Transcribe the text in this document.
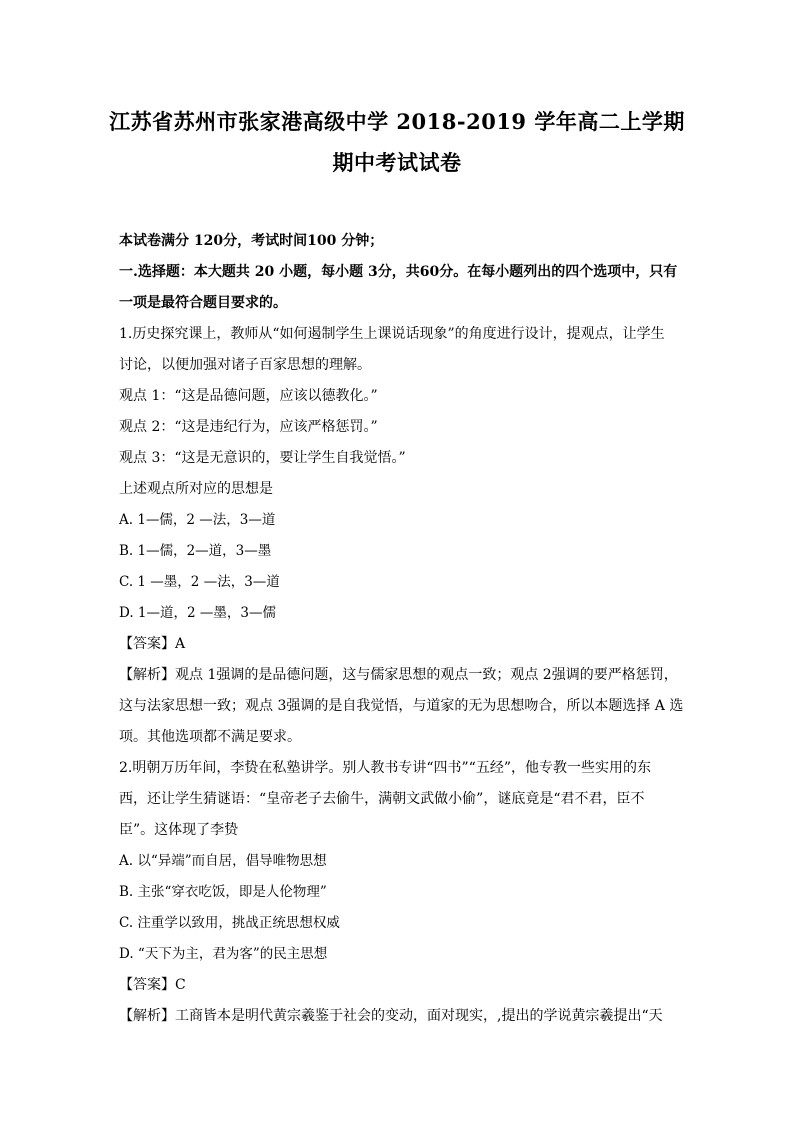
江苏省苏州市张家港高级中学 2018-2019 学年高二上学期
期中考试试卷
本试卷满分 120分，考试时间100 分钟；
一.选择题：本大题共 20 小题，每小题 3分，共60分。在每小题列出的四个选项中，只有
一项是最符合题目要求的。
1.历史探究课上，教师从“如何遏制学生上课说话现象”的角度进行设计，提观点，让学生
讨论，以便加强对诸子百家思想的理解。
观点 1：“这是品德问题，应该以德教化。”
观点 2：“这是违纪行为，应该严格惩罚。”
观点 3：“这是无意识的，要让学生自我觉悟。”
上述观点所对应的思想是
A. 1—儒，2 —法，3—道
B. 1—儒，2—道，3—墨
C. 1 —墨，2 —法，3—道
D. 1—道，2 —墨，3—儒
【答案】A
【解析】观点 1强调的是品德问题，这与儒家思想的观点一致；观点 2强调的要严格惩罚，
这与法家思想一致；观点 3强调的是自我觉悟，与道家的无为思想吻合，所以本题选择 A 选
项。其他选项都不满足要求。
2.明朝万历年间，李贽在私塾讲学。别人教书专讲“四书”“五经”，他专教一些实用的东
西，还让学生猜谜语：“皇帝老子去偷牛，满朝文武做小偷”，谜底竟是“君不君，臣不
臣”。这体现了李贽
A. 以“异端”而自居，倡导唯物思想
B. 主张“穿衣吃饭，即是人伦物理”
C. 注重学以致用，挑战正统思想权威
D. “天下为主，君为客”的民主思想
【答案】C
【解析】工商皆本是明代黄宗羲鉴于社会的变动，面对现实，,提出的学说黄宗羲提出“天
